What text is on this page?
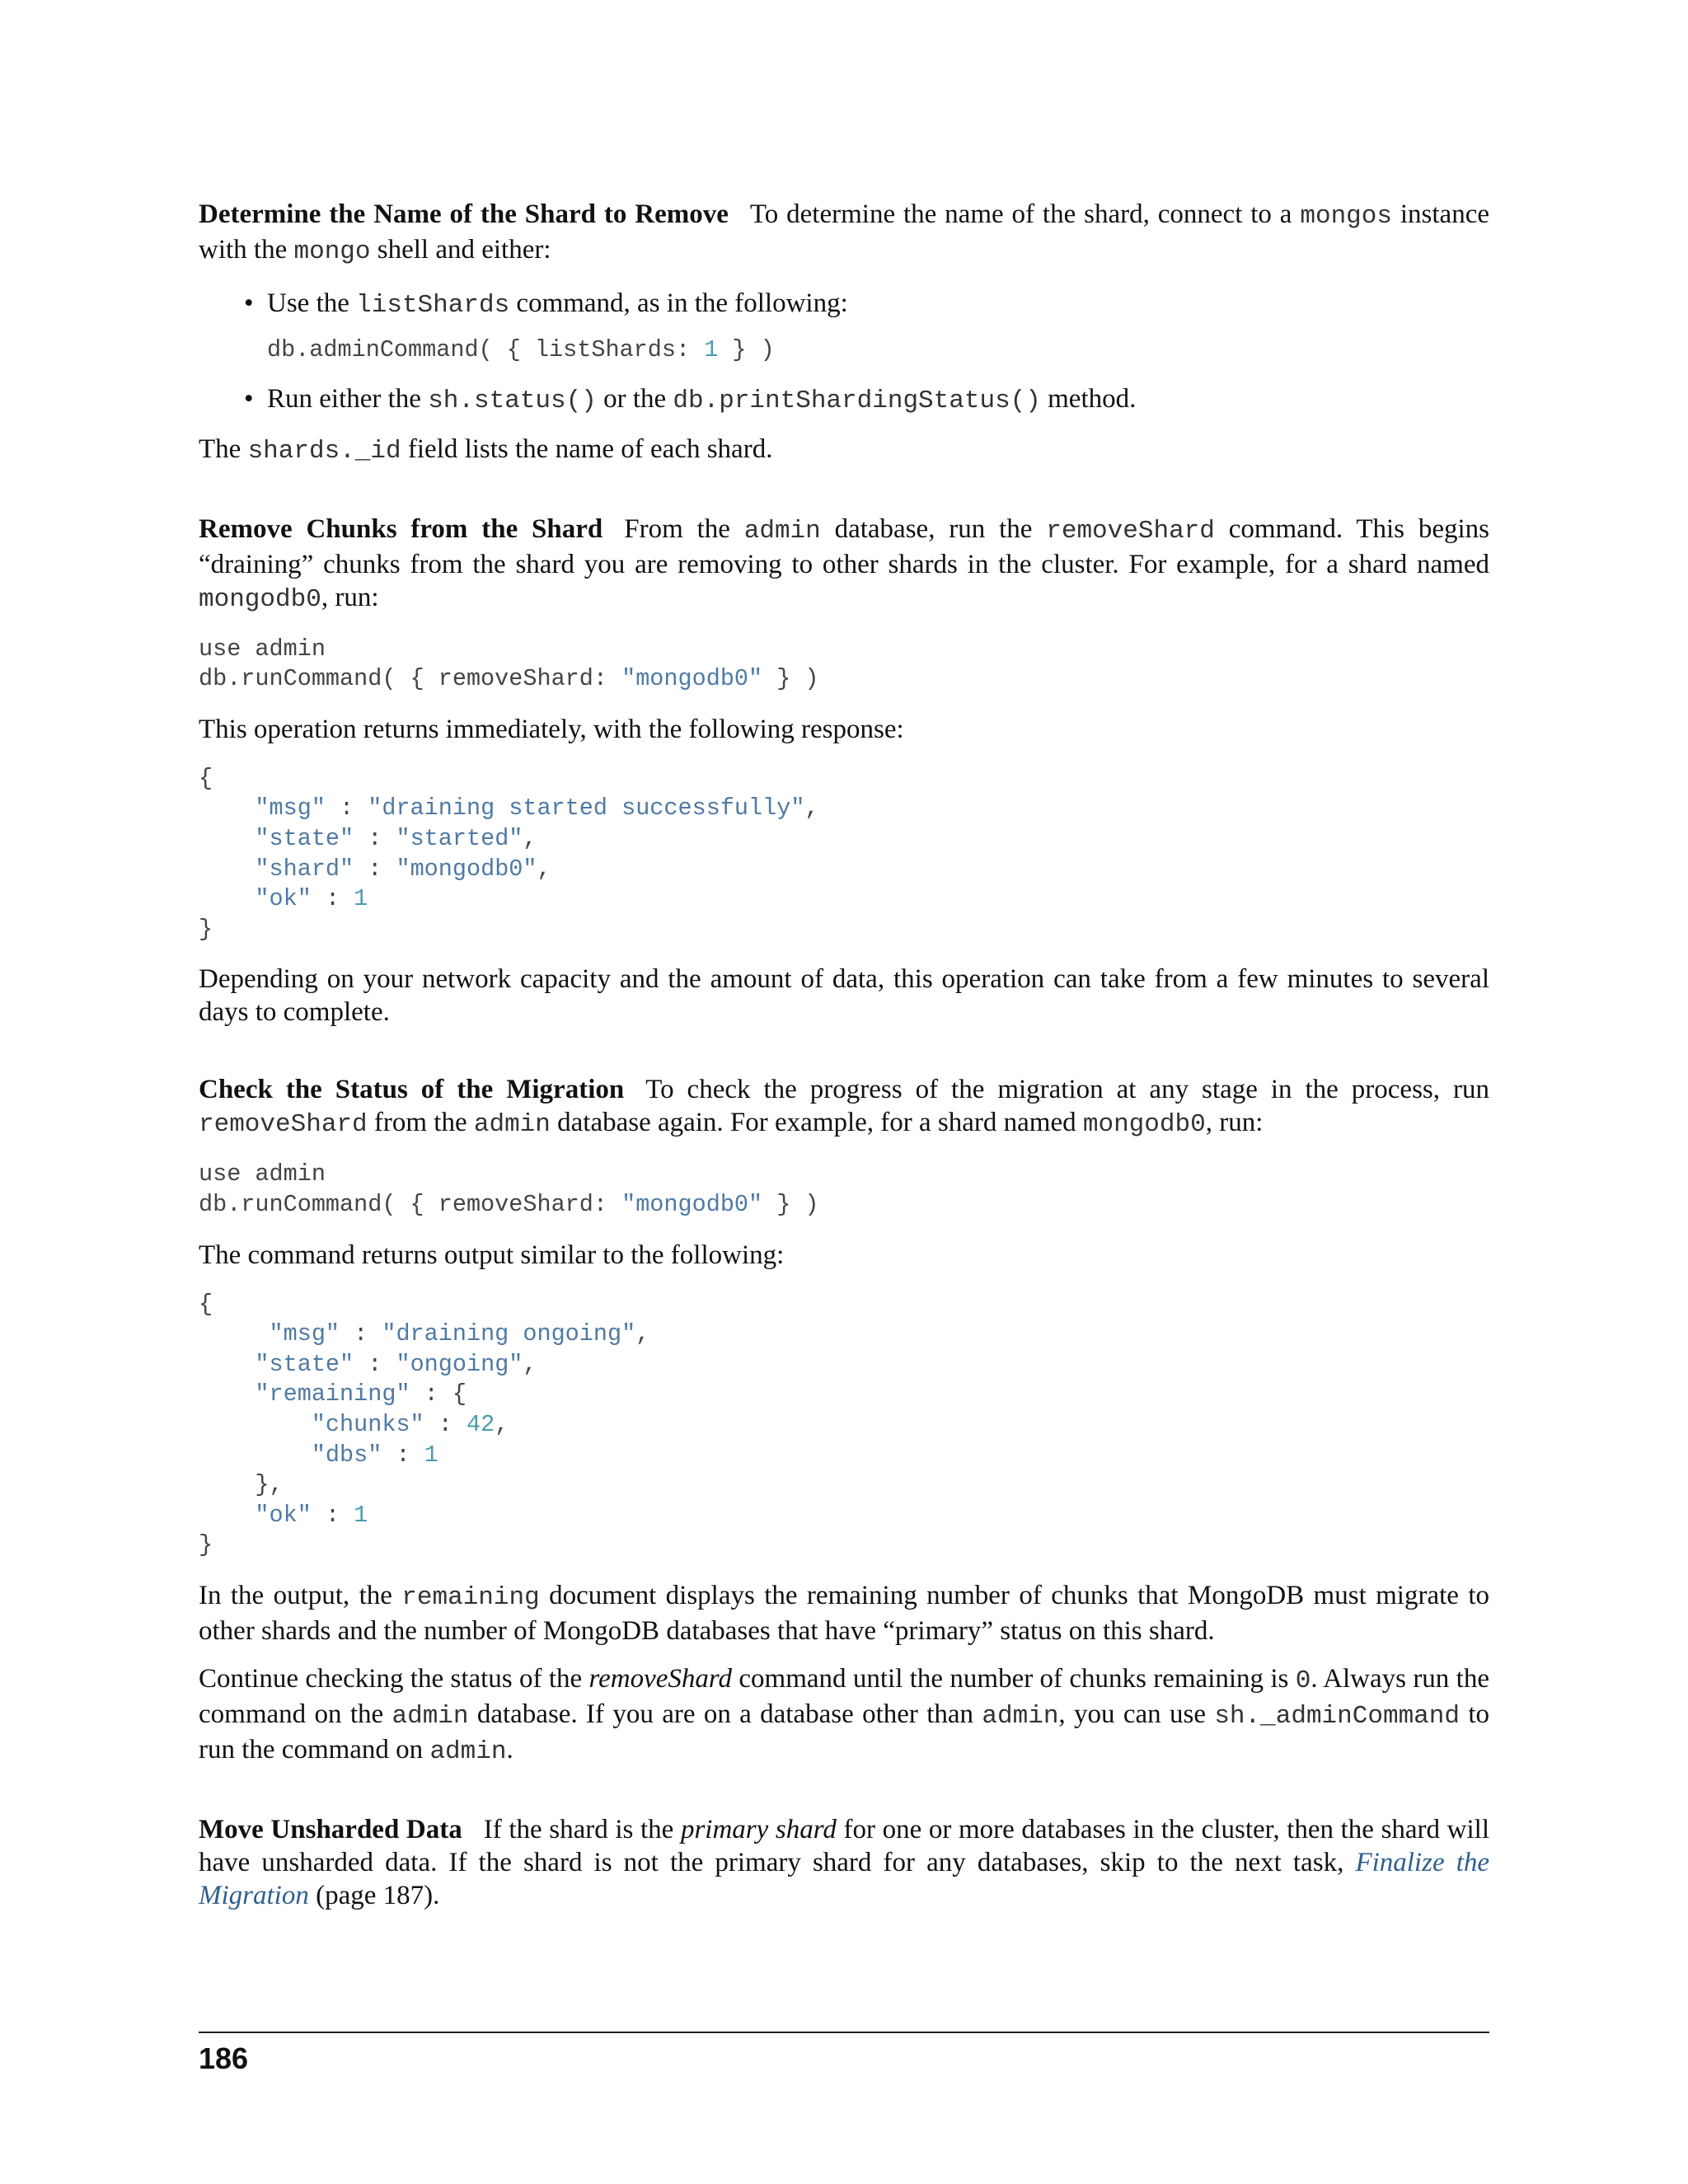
Determine the Name of the Shard to Remove To determine the name of the shard, connect to a mongos instance with the mongo shell and either:

• Use the listShards command, as in the following:
db.adminCommand( { listShards: 1 } )
• Run either the sh.status() or the db.printShardingStatus() method.

The shards._id field lists the name of each shard.

Remove Chunks from the Shard From the admin database, run the removeShard command. This begins “draining” chunks from the shard you are removing to other shards in the cluster. For example, for a shard named mongodb0, run:

use admin
db.runCommand( { removeShard: "mongodb0" } )

This operation returns immediately, with the following response:

{
"msg" : "draining started successfully",
"state" : "started",
"shard" : "mongodb0",
"ok" : 1
}

Depending on your network capacity and the amount of data, this operation can take from a few minutes to several days to complete.

Check the Status of the Migration To check the progress of the migration at any stage in the process, run removeShard from the admin database again. For example, for a shard named mongodb0, run:

use admin
db.runCommand( { removeShard: "mongodb0" } )

The command returns output similar to the following:

{
"msg" : "draining ongoing",
"state" : "ongoing",
"remaining" : {
"chunks" : 42,
"dbs" : 1
},
"ok" : 1
}

In the output, the remaining document displays the remaining number of chunks that MongoDB must migrate to other shards and the number of MongoDB databases that have “primary” status on this shard.

Continue checking the status of the removeShard command until the number of chunks remaining is 0. Always run the command on the admin database. If you are on a database other than admin, you can use sh._adminCommand to run the command on admin.

Move Unsharded Data If the shard is the primary shard for one or more databases in the cluster, then the shard will have unsharded data. If the shard is not the primary shard for any databases, skip to the next task, Finalize the Migration (page 187).

186
